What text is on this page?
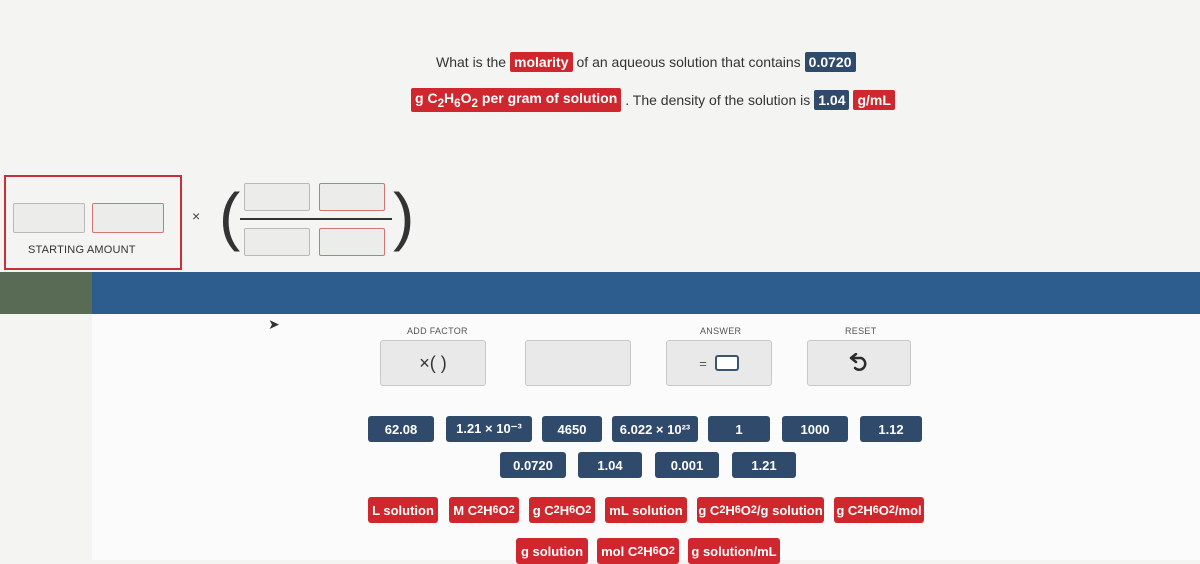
What is the molarity of an aqueous solution that contains 0.0720
g $C_2H_6O_2$ per gram of solution . The density of the solution is 1.04 g/mL
STARTING AMOUNT
× ( )
➤	ADD FACTOR
×( )
ANSWER
=
RESET
62.08	1.21 × 10⁻³	4650	6.022 × 10²³	1	1000	1.12
0.0720	1.04	0.001	1.21
L solution	M C 2 H 6 O 2 g C 2 H 6 O 2	mL solution	g C 2 H 6 O 2 /g solution g C 2 H 6 O 2 /mol
g solution	mol C 2 H 6 O 2 g solution/mL
